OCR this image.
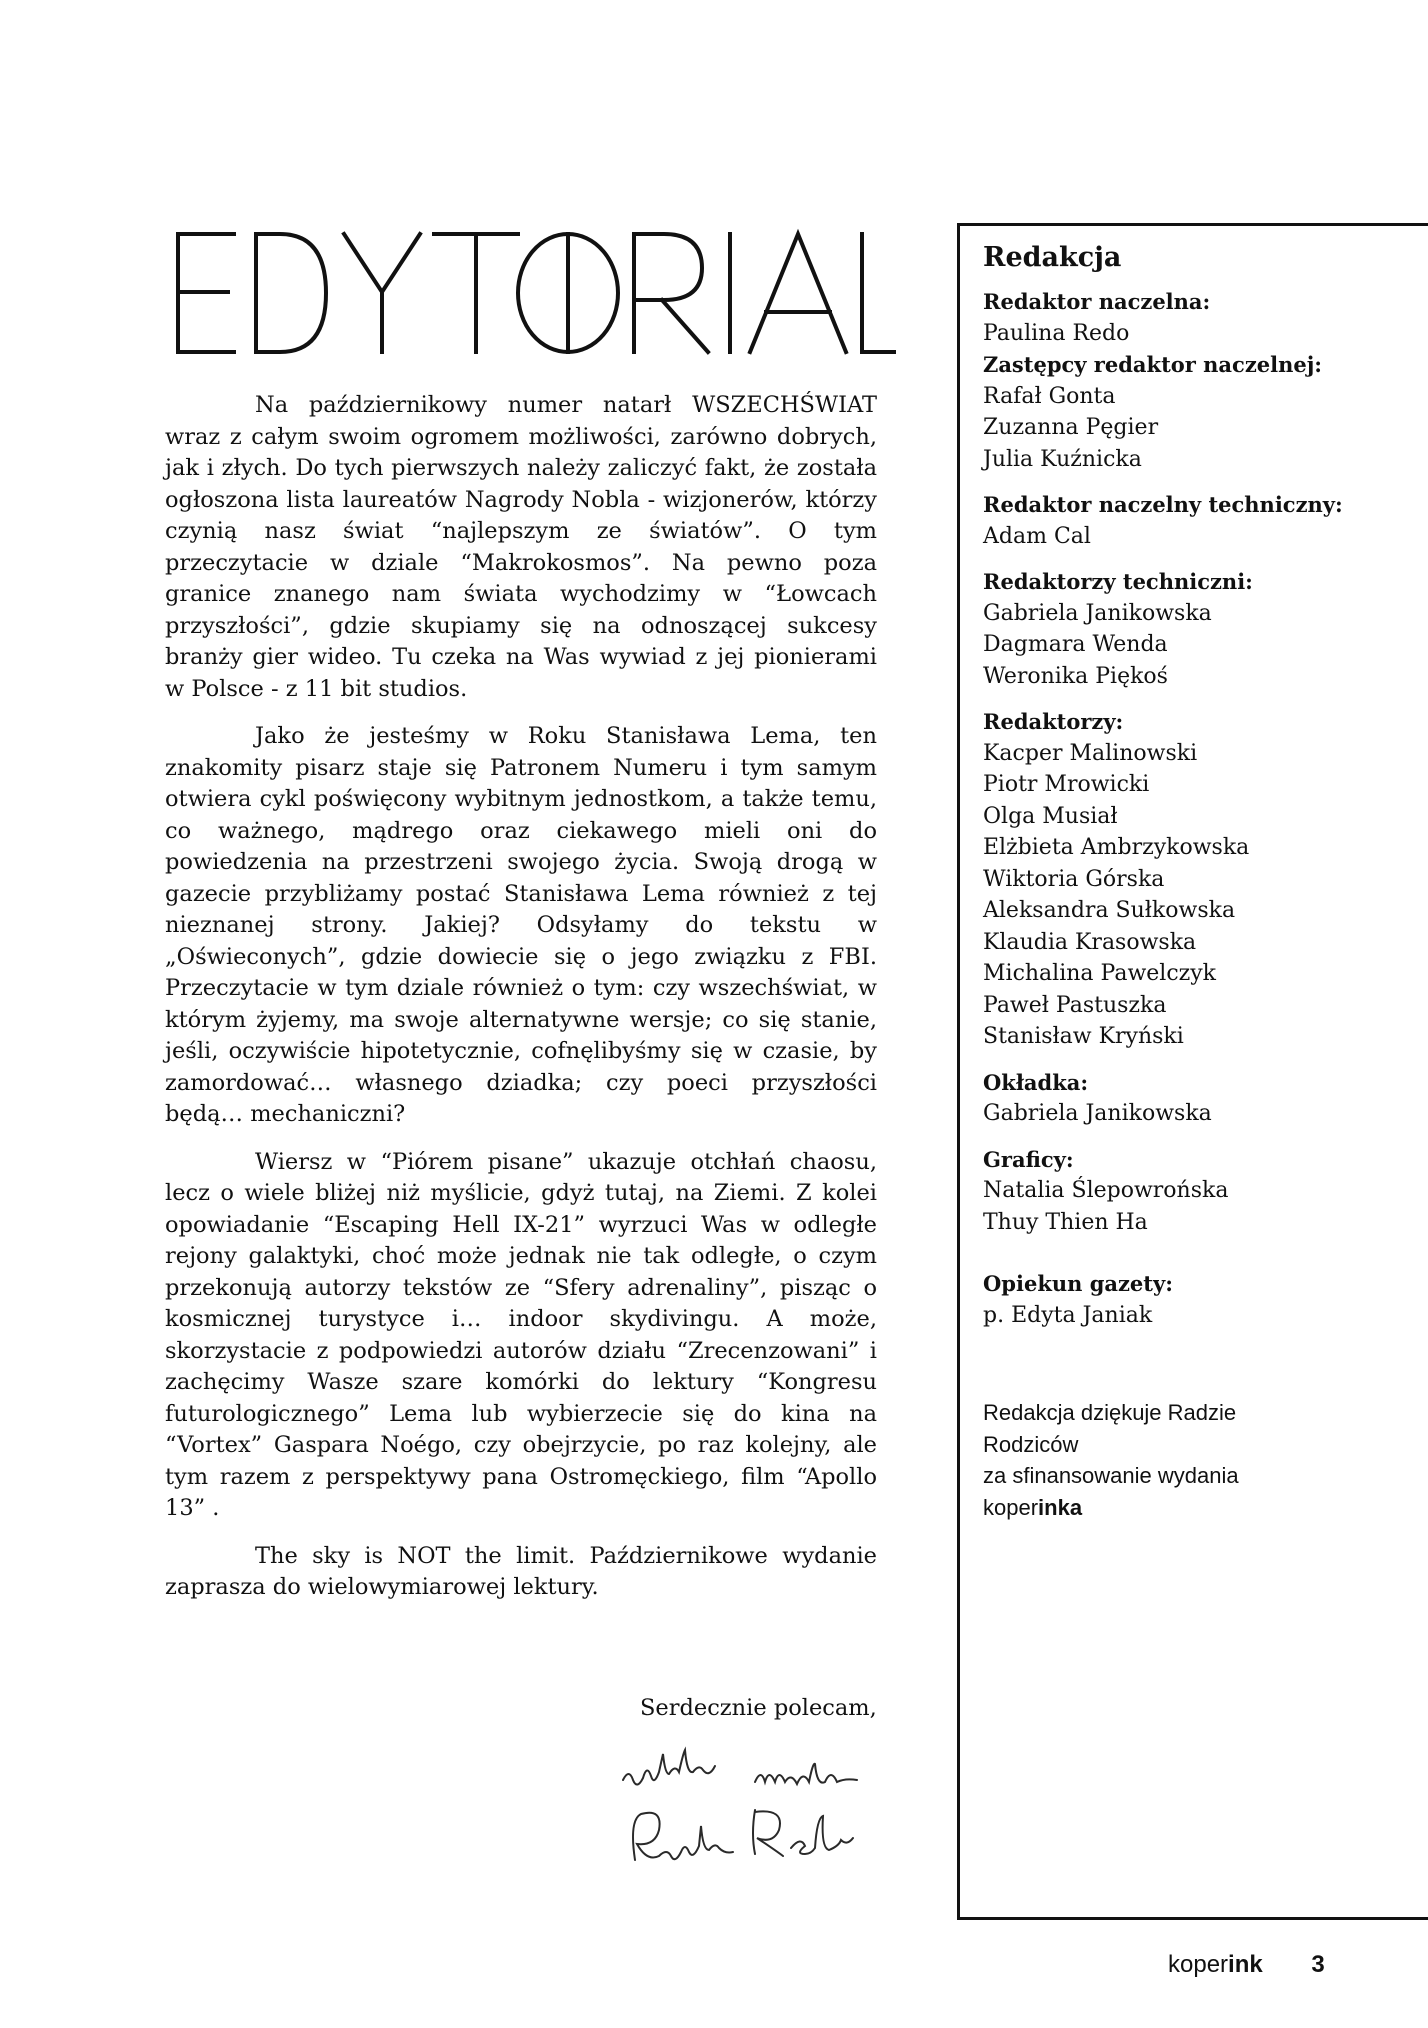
Na październikowy numer natarł WSZECHŚWIAT wraz z całym swoim ogromem możliwości, zarówno dobrych, jak i złych. Do tych pierwszych należy zaliczyć fakt, że została ogłoszona lista laureatów Nagrody Nobla - wizjonerów, którzy czynią nasz świat “najlepszym ze światów”. O tym przeczytacie w dziale “Makrokosmos”. Na pewno poza granice znanego nam świata wychodzimy w “Łowcach przyszłości”, gdzie skupiamy się na odnoszącej sukcesy branży gier wideo. Tu czeka na Was wywiad z jej pionierami w Polsce - z 11 bit studios.

Jako że jesteśmy w Roku Stanisława Lema, ten znakomity pisarz staje się Patronem Numeru i tym samym otwiera cykl poświęcony wybitnym jednostkom, a także temu, co ważnego, mądrego oraz ciekawego mieli oni do powiedzenia na przestrzeni swojego życia. Swoją drogą w gazecie przybliżamy postać Stanisława Lema również z tej nieznanej strony. Jakiej? Odsyłamy do tekstu w „Oświeconych”, gdzie dowiecie się o jego związku z FBI. Przeczytacie w tym dziale również o tym: czy wszechświat, w którym żyjemy, ma swoje alternatywne wersje; co się stanie, jeśli, oczywiście hipotetycznie, cofnęlibyśmy się w czasie, by zamordować… własnego dziadka; czy poeci przyszłości będą… mechaniczni?

Wiersz w “Piórem pisane” ukazuje otchłań chaosu, lecz o wiele bliżej niż myślicie, gdyż tutaj, na Ziemi. Z kolei opowiadanie “Escaping Hell IX-21” wyrzuci Was w odległe rejony galaktyki, choć może jednak nie tak odległe, o czym przekonują autorzy tekstów ze “Sfery adrenaliny”, pisząc o kosmicznej turystyce i… indoor skydivingu. A może, skorzystacie z podpowiedzi autorów działu “Zrecenzowani” i zachęcimy Wasze szare komórki do lektury “Kongresu futurologicznego” Lema lub wybierzecie się do kina na “Vortex” Gaspara Noégo, czy obejrzycie, po raz kolejny, ale tym razem z perspektywy pana Ostromęckiego, film “Apollo 13” .

The sky is NOT the limit. Październikowe wydanie zaprasza do wielowymiarowej lektury.

Serdecznie polecam,
Redakcja
Redaktor naczelna:
Paulina Redo
Zastępcy redaktor naczelnej:
Rafał Gonta
Zuzanna Pęgier
Julia Kuźnicka
Redaktor naczelny techniczny:
Adam Cal
Redaktorzy techniczni:
Gabriela Janikowska
Dagmara Wenda
Weronika Piękoś
Redaktorzy:
Kacper Malinowski
Piotr Mrowicki
Olga Musiał
Elżbieta Ambrzykowska
Wiktoria Górska
Aleksandra Sułkowska
Klaudia Krasowska
Michalina Pawelczyk
Paweł Pastuszka
Stanisław Kryński
Okładka:
Gabriela Janikowska
Graficy:
Natalia Ślepowrońska
Thuy Thien Ha
Opiekun gazety:
p. Edyta Janiak
Redakcja dziękuje Radzie
Rodziców
za sfinansowanie wydania
koperinka
koperink 3
